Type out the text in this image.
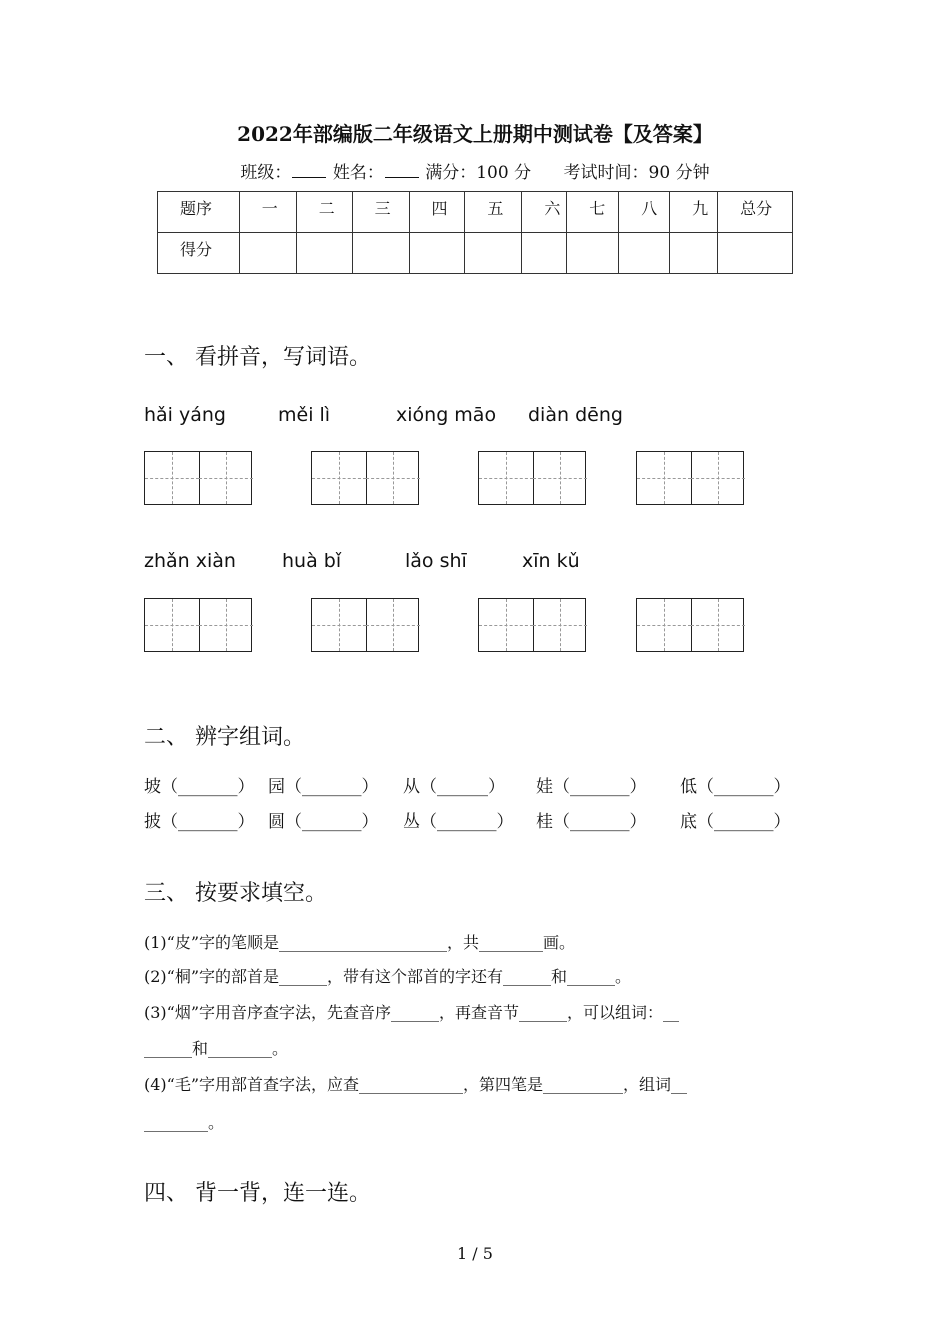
2022年部编版二年级语文上册期中测试卷【及答案】
班级： 姓名： 满分：100 分 考试时间：90 分钟
题序	一	二	三	四	五	六	七	八	九	总分
得分										
一、 看拼音，写词语。
hǎi yáng	měi lì	xióng māo diàn dēng
zhǎn xiàn huà bǐ	lǎo shī	xīn kǔ
二、 辨字组词。
坡（_______） 园（_______） 从（______） 娃（_______） 低（_______）
披（_______） 圆（_______） 丛（_______） 桂（_______） 底（_______）
三、 按要求填空。
(1)“皮”字的笔顺是_____________________，共________画。
(2)“桐”字的部首是______，带有这个部首的字还有______和______。
(3)“烟”字用音序查字法，先查音序______，再查音节______，可以组词：__
______和________。
(4)“毛”字用部首查字法，应查_____________，第四笔是__________，组词__
________。
四、 背一背，连一连。
1 / 5
